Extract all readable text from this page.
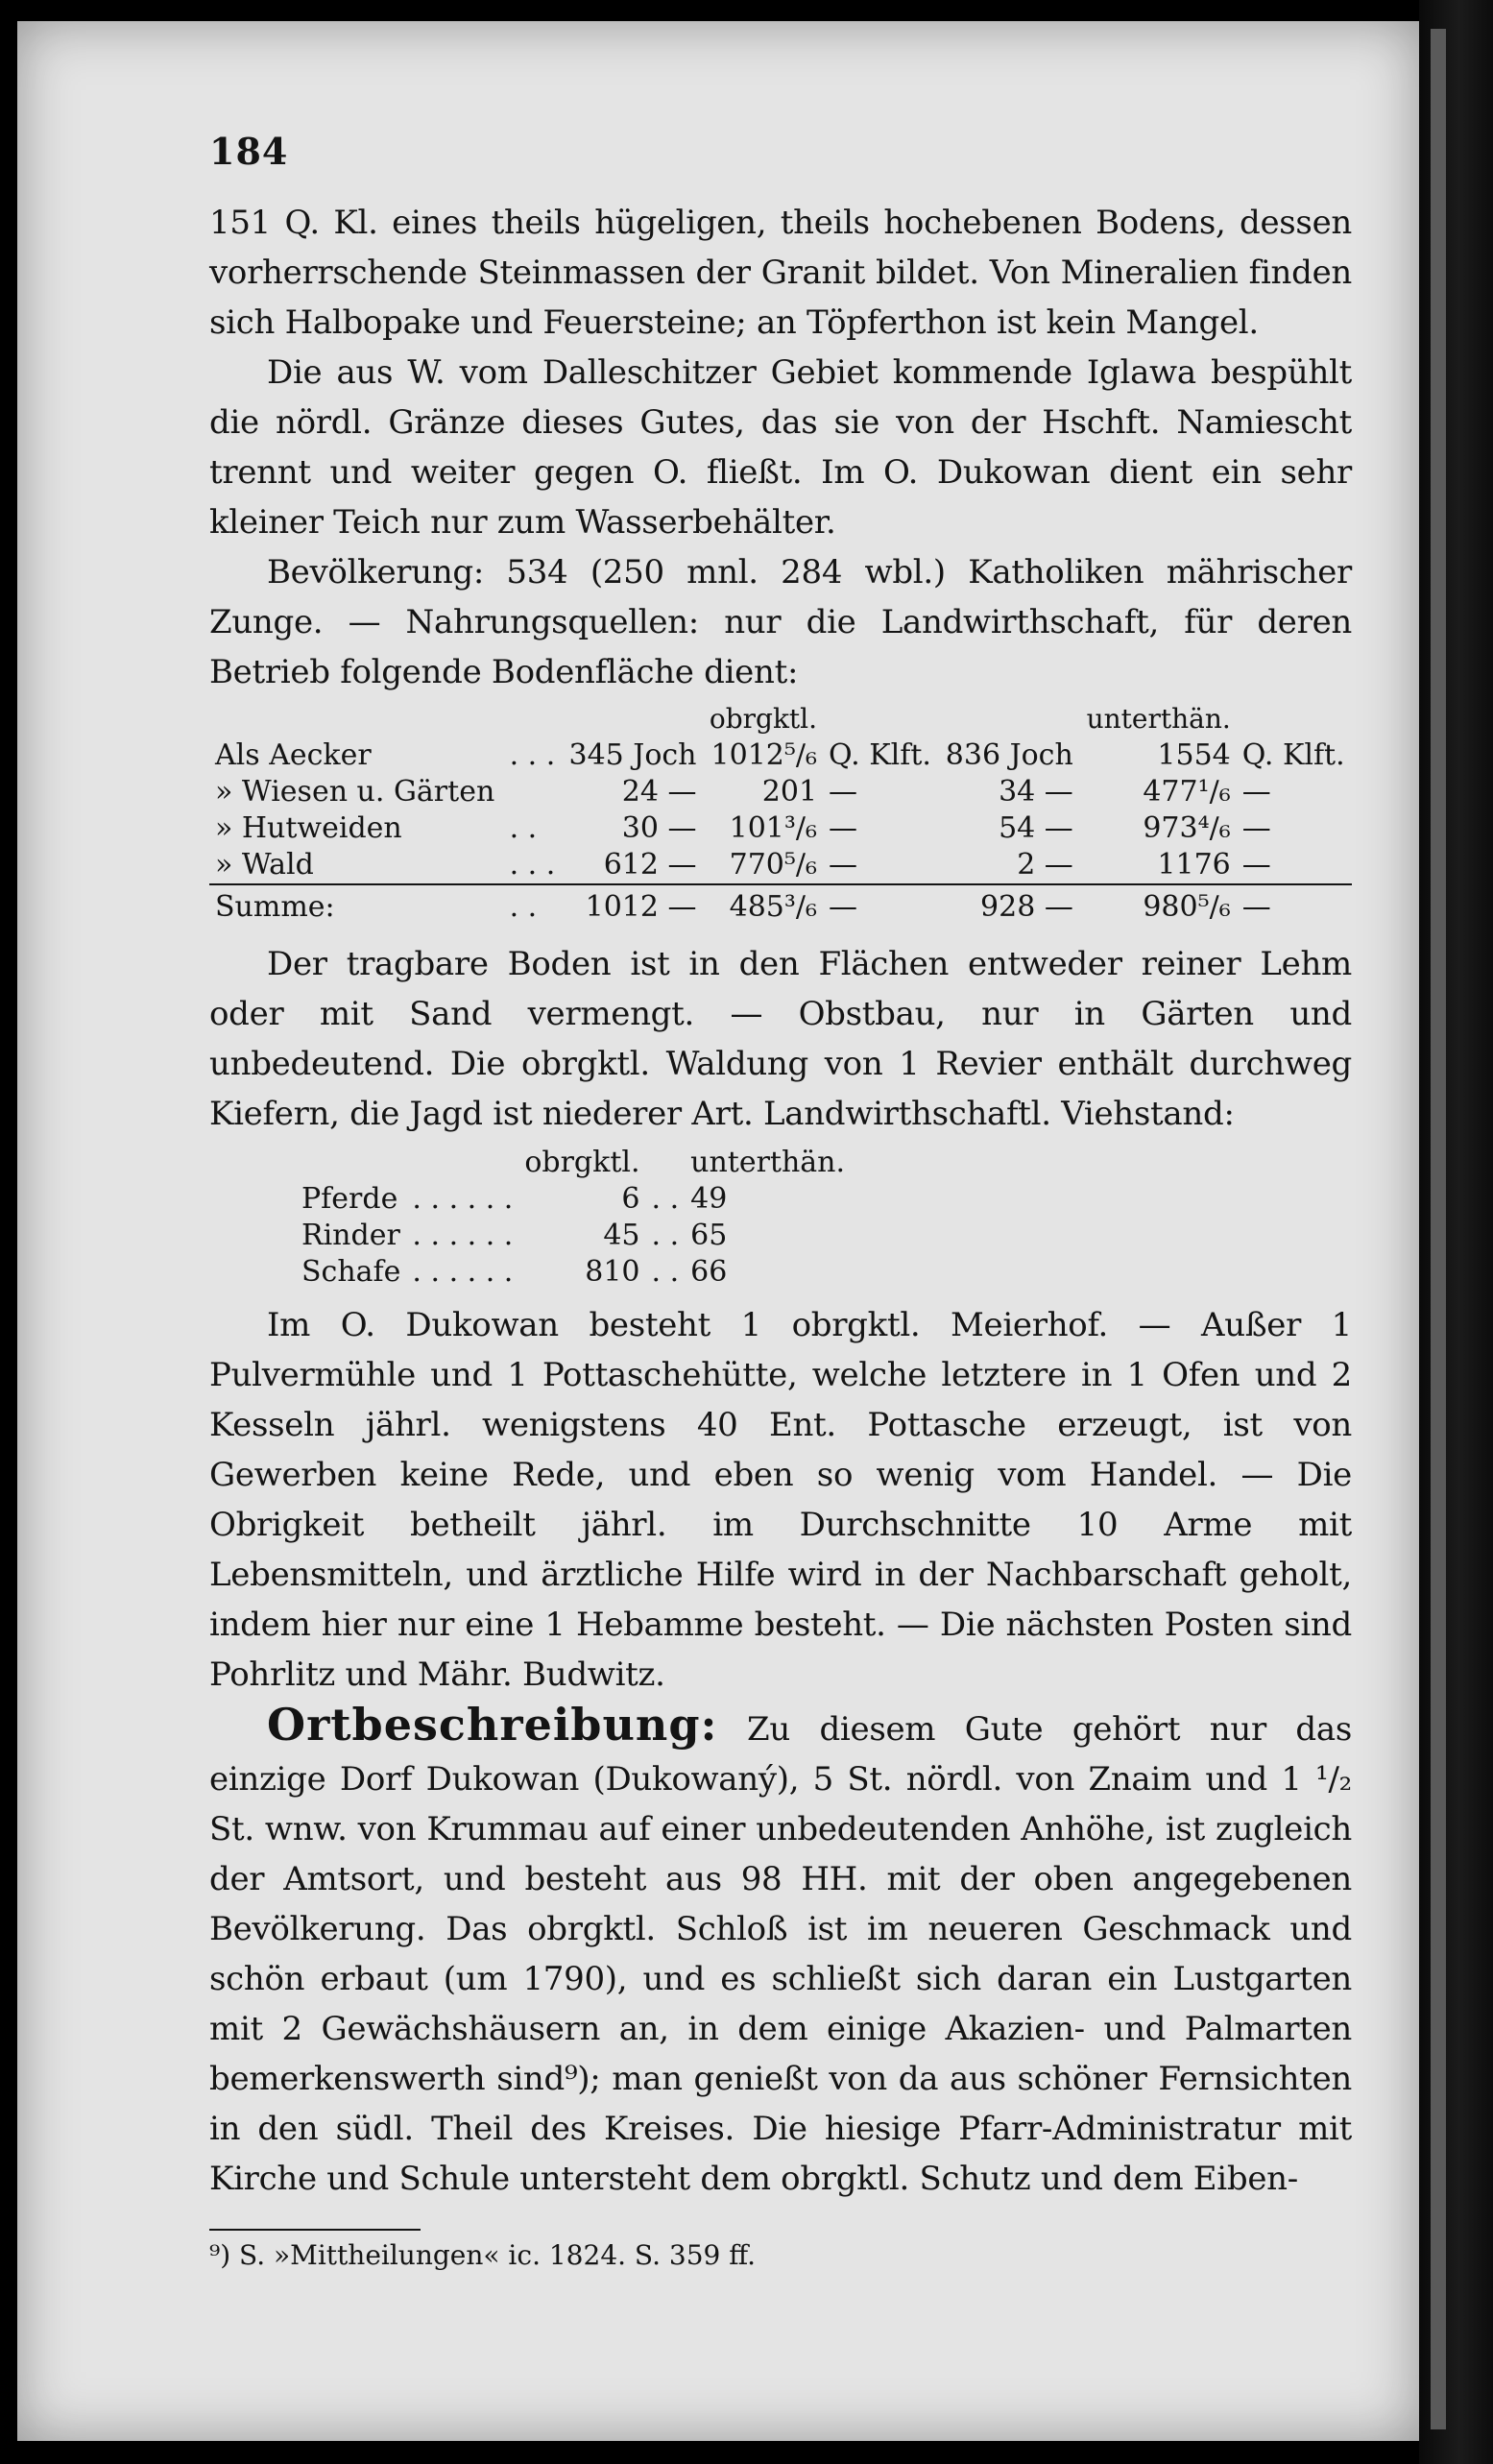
184

151 Q. Kl. eines theils hügeligen, theils hochebenen Bodens, dessen vorherrschende Steinmassen der Granit bildet. Von Mineralien finden sich Halbopake und Feuersteine; an Töpferthon ist kein Mangel.

Die aus W. vom Dalleschitzer Gebiet kommende Iglawa bespühlt die nördl. Gränze dieses Gutes, das sie von der Hschft. Namiescht trennt und weiter gegen O. fließt. Im O. Dukowan dient ein sehr kleiner Teich nur zum Wasserbehälter.

Bevölkerung: 534 (250 mnl. 284 wbl.) Katholiken mährischer Zunge. — Nahrungsquellen: nur die Landwirthschaft, für deren Betrieb folgende Bodenfläche dient:

			obrgktl.			unterthän.	
Als Aecker	. . .	345 Joch	1012⁵/₆	Q. Klft.	836 Joch	1554	Q. Klft.
» Wiesen u. Gärten		24 —	201	—	34 —	477¹/₆	—
» Hutweiden	. .	30 —	101³/₆	—	54 —	973⁴/₆	—
» Wald	. . .	612 —	770⁵/₆	—	2 —	1176	—
Summe:	. .	1012 —	485³/₆	—	928 —	980⁵/₆	—

Der tragbare Boden ist in den Flächen entweder reiner Lehm oder mit Sand vermengt. — Obstbau, nur in Gärten und unbedeutend. Die obrgktl. Waldung von 1 Revier enthält durchweg Kiefern, die Jagd ist niederer Art. Landwirthschaftl. Viehstand:

		obrgktl.		unterthän.
Pferde	. . . . . .	6	. .	49
Rinder	. . . . . .	45	. .	65
Schafe	. . . . . .	810	. .	66

Im O. Dukowan besteht 1 obrgktl. Meierhof. — Außer 1 Pulvermühle und 1 Pottaschehütte, welche letztere in 1 Ofen und 2 Kesseln jährl. wenigstens 40 Ent. Pottasche erzeugt, ist von Gewerben keine Rede, und eben so wenig vom Handel. — Die Obrigkeit betheilt jährl. im Durchschnitte 10 Arme mit Lebensmitteln, und ärztliche Hilfe wird in der Nachbarschaft geholt, indem hier nur eine 1 Hebamme besteht. — Die nächsten Posten sind Pohrlitz und Mähr. Budwitz.

Ortbeschreibung: Zu diesem Gute gehört nur das einzige Dorf Dukowan (Dukowaný), 5 St. nördl. von Znaim und 1 ¹/₂ St. wnw. von Krummau auf einer unbedeutenden Anhöhe, ist zugleich der Amtsort, und besteht aus 98 HH. mit der oben angegebenen Bevölkerung. Das obrgktl. Schloß ist im neueren Geschmack und schön erbaut (um 1790), und es schließt sich daran ein Lustgarten mit 2 Gewächshäusern an, in dem einige Akazien- und Palmarten bemerkenswerth sind⁹); man genießt von da aus schöner Fernsichten in den südl. Theil des Kreises. Die hiesige Pfarr-Administratur mit Kirche und Schule untersteht dem obrgktl. Schutz und dem Eiben-

⁹) S. »Mittheilungen« ic. 1824. S. 359 ff.
